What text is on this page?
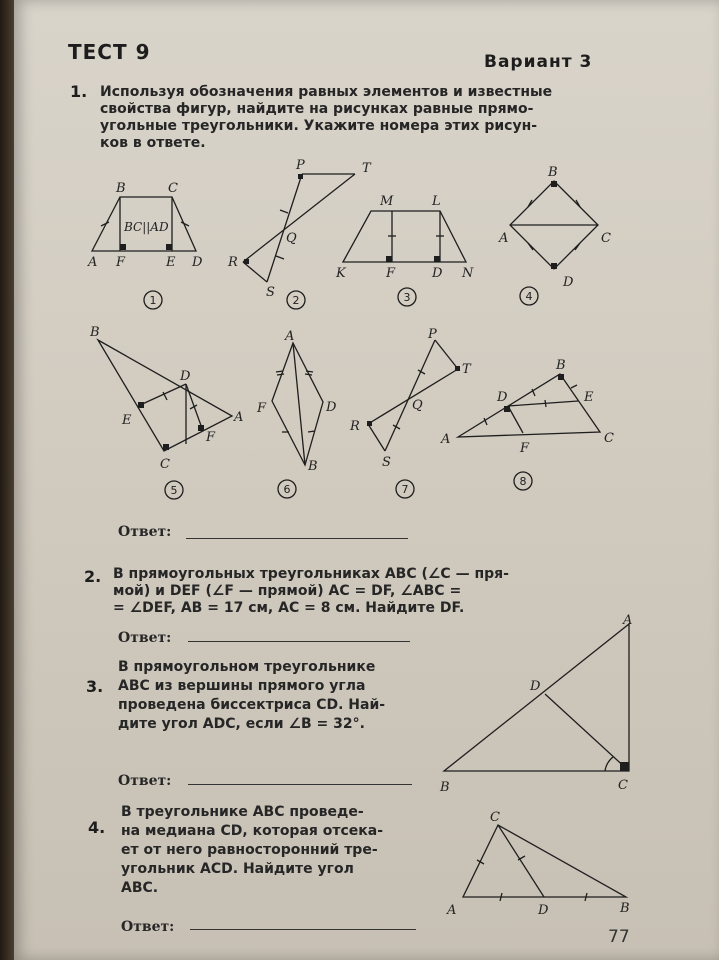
ТЕСТ 9	Вариант 3
1. Используя обозначения равных элементов и известные
свойства фигур, найдите на рисунках равные прямо-
угольные треугольники. Укажите номера этих рисун-
ков в ответе.
B	C
A F	E D
BC||AD
1
P	T
Q
R
S
2
M	L
K	F	D N
3
B
A	C
D
4
B
D
E	A
F
C
5
A
F	D
B
6
P
T
Q
R
S
7
B
D	E
A
F
C
8
A
D
B	C
C
A	D	B
Ответ:
2. В прямоугольных треугольниках ABC (∠C — пря-
мой) и DEF (∠F — прямой) AC = DF, ∠ABC =
= ∠DEF, AB = 17 см, AC = 8 см. Найдите DF.
Ответ:
3.
В прямоугольном треугольнике
ABC из вершины прямого угла
проведена биссектриса CD. Най-
дите угол ADC, если ∠B = 32°.
Ответ:
4.
В треугольнике ABC проведе-
на медиана CD, которая отсека-
ет от него равносторонний тре-
угольник ACD. Найдите угол
ABC.
Ответ:	77
